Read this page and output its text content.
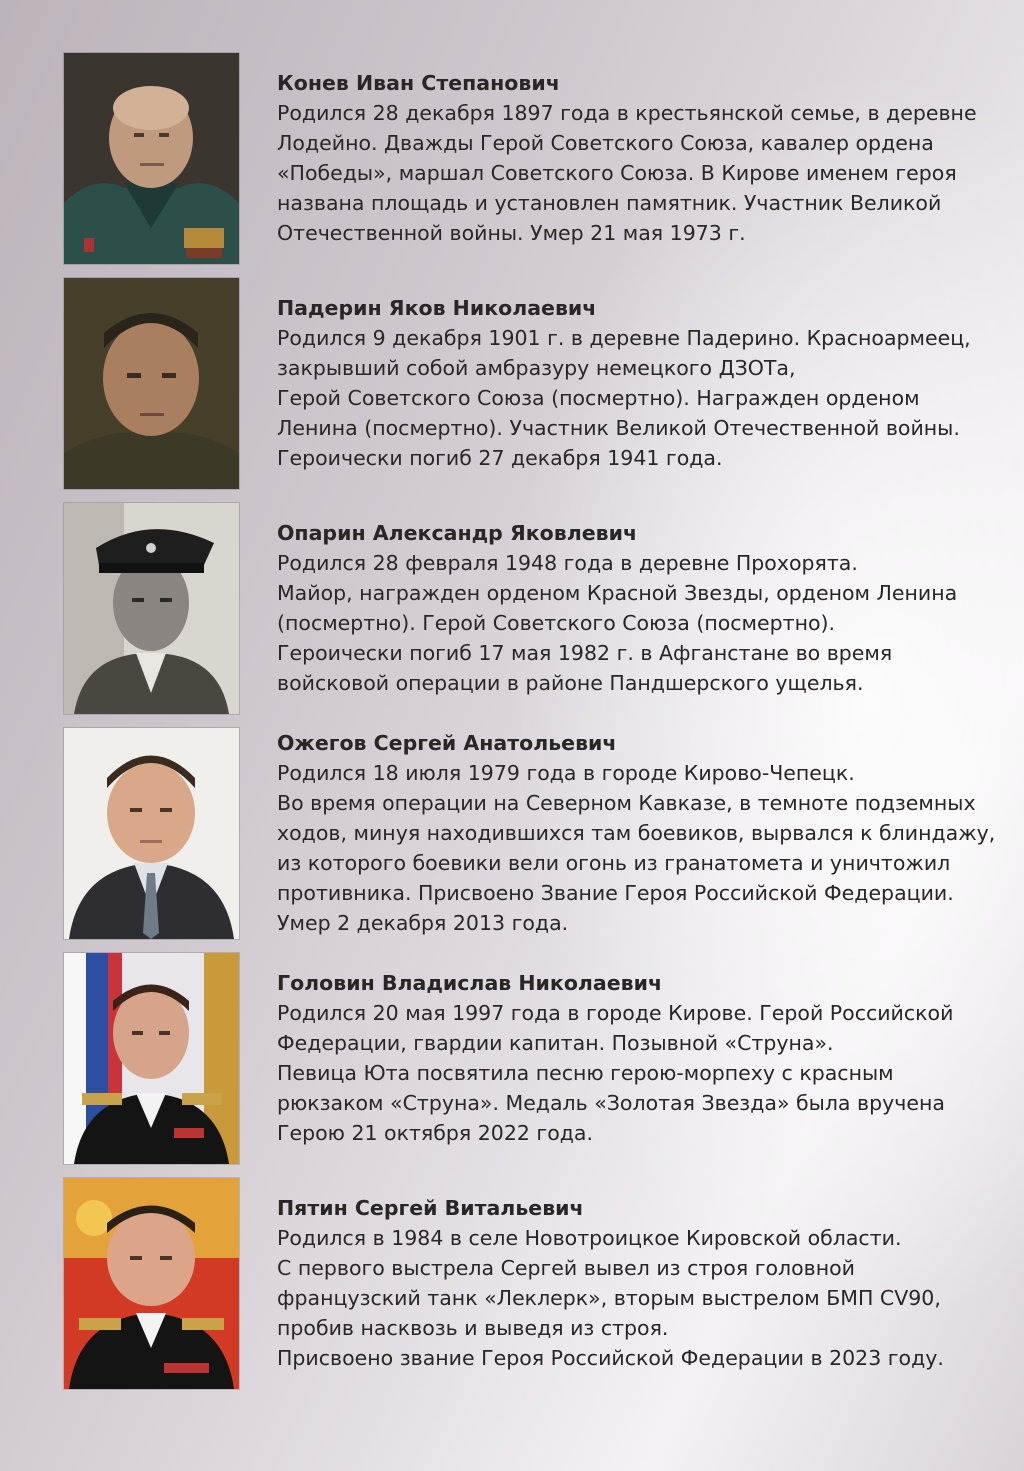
Конев Иван Степанович
Родился 28 декабря 1897 года в крестьянской семье, в деревне
Лодейно. Дважды Герой Советского Союза, кавалер ордена
«Победы», маршал Советского Союза. В Кирове именем героя
названа площадь и установлен памятник. Участник Великой
Отечественной войны. Умер 21 мая 1973 г.
Падерин Яков Николаевич
Родился 9 декабря 1901 г. в деревне Падерино. Красноармеец,
закрывший собой амбразуру немецкого ДЗОТа,
Герой Советского Союза (посмертно). Награжден орденом
Ленина (посмертно). Участник Великой Отечественной войны.
Героически погиб 27 декабря 1941 года.
Опарин Александр Яковлевич
Родился 28 февраля 1948 года в деревне Прохорята.
Майор, награжден орденом Красной Звезды, орденом Ленина
(посмертно). Герой Советского Союза (посмертно).
Героически погиб 17 мая 1982 г. в Афганстане во время
войсковой операции в районе Пандшерского ущелья.
Ожегов Сергей Анатольевич
Родился 18 июля 1979 года в городе Кирово-Чепецк.
Во время операции на Северном Кавказе, в темноте подземных
ходов, минуя находившихся там боевиков, вырвался к блиндажу,
из которого боевики вели огонь из гранатомета и уничтожил
противника. Присвоено Звание Героя Российской Федерации.
Умер 2 декабря 2013 года.
Головин Владислав Николаевич
Родился 20 мая 1997 года в городе Кирове. Герой Российской
Федерации, гвардии капитан. Позывной «Струна».
Певица Юта посвятила песню герою-морпеху с красным
рюкзаком «Струна». Медаль «Золотая Звезда» была вручена
Герою 21 октября 2022 года.
Пятин Сергей Витальевич
Родился в 1984 в селе Новотроицкое Кировской области.
С первого выстрела Сергей вывел из строя головной
французский танк «Леклерк», вторым выстрелом БМП CV90,
пробив насквозь и выведя из строя.
Присвоено звание Героя Российской Федерации в 2023 году.
